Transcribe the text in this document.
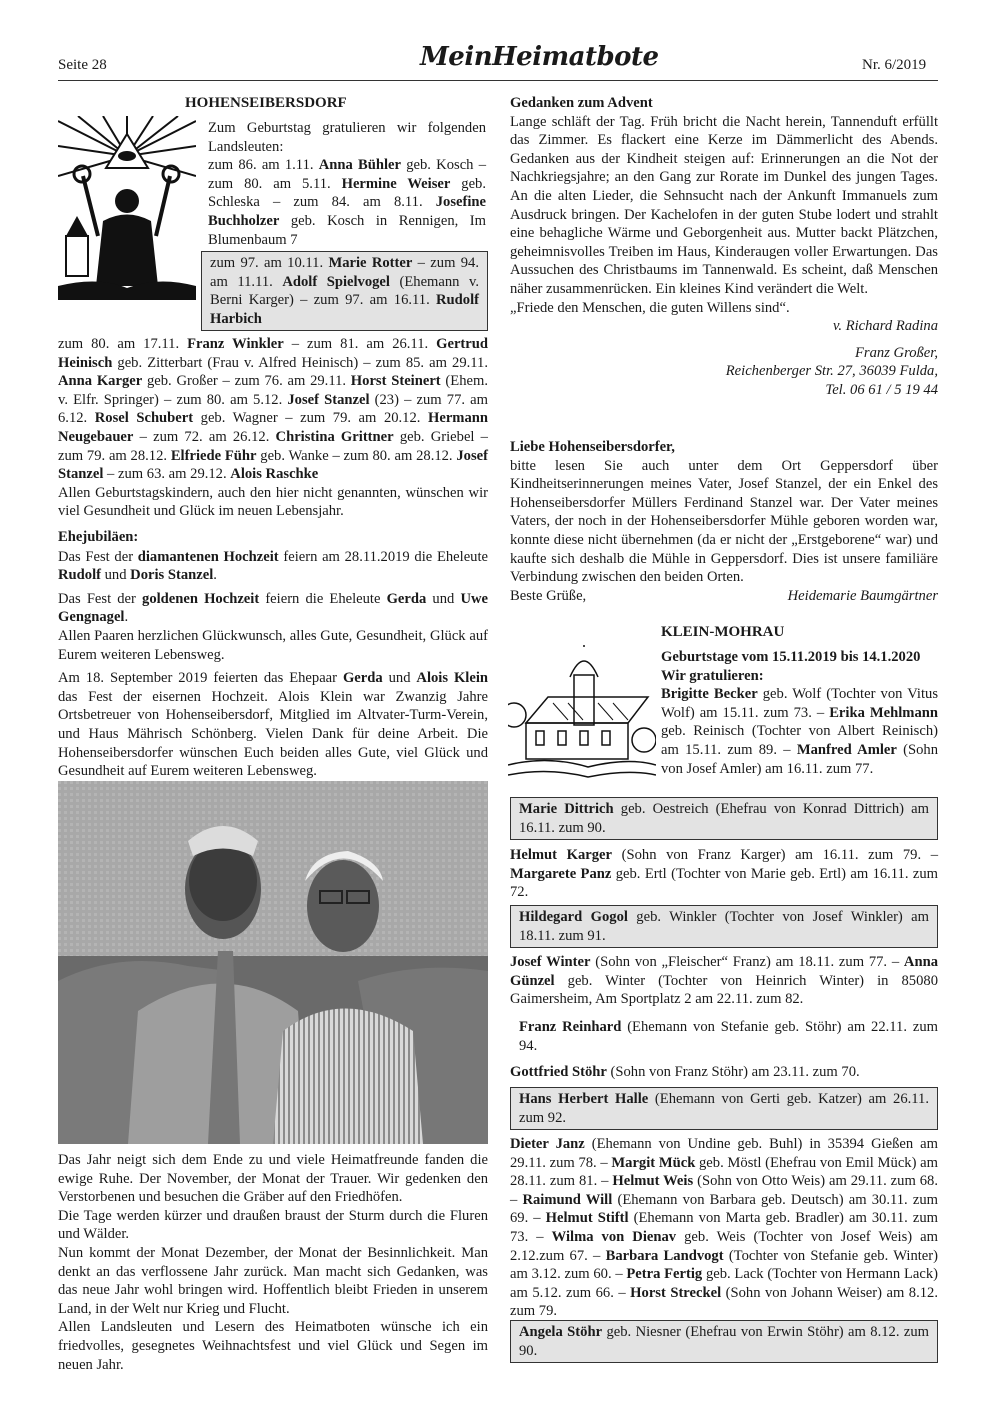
Seite 28	MeinHeimatbote	Nr. 6/2019
HOHENSEIBERSDORF

Zum Geburtstag gratulieren wir folgenden Landsleuten:

zum 86. am 1.11. Anna Bühler geb. Kosch – zum 80. am 5.11. Hermine Weiser geb. Schleska – zum 84. am 8.11. Josefine Buchholzer geb. Kosch in Rennigen, Im Blumenbaum 7

zum 97. am 10.11. Marie Rotter – zum 94. am 11.11. Adolf Spielvogel (Ehemann v. Berni Karger) – zum 97. am 16.11. Rudolf Harbich

zum 80. am 17.11. Franz Winkler – zum 81. am 26.11. Gertrud Heinisch geb. Zitterbart (Frau v. Alfred Heinisch) – zum 85. am 29.11. Anna Karger geb. Großer – zum 76. am 29.11. Horst Steinert (Ehem. v. Elfr. Springer) – zum 80. am 5.12. Josef Stanzel (23) – zum 77. am 6.12. Rosel Schubert geb. Wagner – zum 79. am 20.12. Hermann Neugebauer – zum 72. am 26.12. Christina Grittner geb. Griebel – zum 79. am 28.12. Elfriede Führ geb. Wanke – zum 80. am 28.12. Josef Stanzel – zum 63. am 29.12. Alois Raschke

Allen Geburtstagskindern, auch den hier nicht genannten, wünschen wir viel Gesundheit und Glück im neuen Lebensjahr.

Ehejubiläen:

Das Fest der diamantenen Hochzeit feiern am 28.11.2019 die Eheleute Rudolf und Doris Stanzel.

Das Fest der goldenen Hochzeit feiern die Eheleute Gerda und Uwe Gengnagel.

Allen Paaren herzlichen Glückwunsch, alles Gute, Gesundheit, Glück auf Eurem weiteren Lebensweg.

Am 18. September 2019 feierten das Ehepaar Gerda und Alois Klein das Fest der eisernen Hochzeit. Alois Klein war Zwanzig Jahre Ortsbetreuer von Hohenseibersdorf, Mitglied im Altvater-Turm-Verein, und Haus Mährisch Schönberg. Vielen Dank für deine Arbeit. Die Hohenseibersdorfer wünschen Euch beiden alles Gute, viel Glück und Gesundheit auf Eurem weiteren Lebensweg.

Das Jahr neigt sich dem Ende zu und viele Heimatfreunde fanden die ewige Ruhe. Der November, der Monat der Trauer. Wir gedenken den Verstorbenen und besuchen die Gräber auf den Friedhöfen.

Die Tage werden kürzer und draußen braust der Sturm durch die Fluren und Wälder.

Nun kommt der Monat Dezember, der Monat der Besinnlichkeit. Man denkt an das verflossene Jahr zurück. Man macht sich Gedanken, was das neue Jahr wohl bringen wird. Hoffentlich bleibt Frieden in unserem Land, in der Welt nur Krieg und Flucht.

Allen Landsleuten und Lesern des Heimatboten wünsche ich ein friedvolles, gesegnetes Weihnachtsfest und viel Glück und Segen im neuen Jahr.

Gedanken zum Advent

Lange schläft der Tag. Früh bricht die Nacht herein, Tannenduft erfüllt das Zimmer. Es flackert eine Kerze im Dämmerlicht des Abends. Gedanken aus der Kindheit steigen auf: Erinnerungen an die Not der Nachkriegsjahre; an den Gang zur Rorate im Dunkel des jungen Tages. An die alten Lieder, die Sehnsucht nach der Ankunft Immanuels zum Ausdruck bringen. Der Kachelofen in der guten Stube lodert und strahlt eine behagliche Wärme und Geborgenheit aus. Mutter backt Plätzchen, geheimnisvolles Treiben im Haus, Kinderaugen voller Erwartungen. Das Aussuchen des Christbaums im Tannenwald. Es scheint, daß Menschen näher zusammenrücken. Ein kleines Kind verändert die Welt.

„Friede den Menschen, die guten Willens sind“.

v. Richard Radina

Franz Großer,

Reichenberger Str. 27, 36039 Fulda,

Tel. 06 61 / 5 19 44

Liebe Hohenseibersdorfer,

bitte lesen Sie auch unter dem Ort Geppersdorf über Kindheitserinnerungen meines Vater, Josef Stanzel, der ein Enkel des Hohenseibersdorfer Müllers Ferdinand Stanzel war. Der Vater meines Vaters, der noch in der Hohenseibersdorfer Mühle geboren worden war, konnte diese nicht übernehmen (da er nicht der „Erstgeborene“ war) und kaufte sich deshalb die Mühle in Geppersdorf. Dies ist unsere familiäre Verbindung zwischen den beiden Orten.

Beste Grüße,	Heidemarie Baumgärtner

KLEIN-MOHRAU

Geburtstage vom 15.11.2019 bis 14.1.2020

Wir gratulieren:

Brigitte Becker geb. Wolf (Tochter von Vitus Wolf) am 15.11. zum 73. – Erika Mehlmann geb. Reinisch (Tochter von Albert Reinisch) am 15.11. zum 89. – Manfred Amler (Sohn von Josef Amler) am 16.11. zum 77.

Marie Dittrich geb. Oestreich (Ehefrau von Konrad Dittrich) am 16.11. zum 90.
Helmut Karger (Sohn von Franz Karger) am 16.11. zum 79. – Margarete Panz geb. Ertl (Tochter von Marie geb. Ertl) am 16.11. zum 72.
Hildegard Gogol geb. Winkler (Tochter von Josef Winkler) am 18.11. zum 91.
Josef Winter (Sohn von „Fleischer“ Franz) am 18.11. zum 77. – Anna Günzel geb. Winter (Tochter von Heinrich Winter) in 85080 Gaimersheim, Am Sportplatz 2 am 22.11. zum 82.
Franz Reinhard (Ehemann von Stefanie geb. Stöhr) am 22.11. zum 94.
Gottfried Stöhr (Sohn von Franz Stöhr) am 23.11. zum 70.
Hans Herbert Halle (Ehemann von Gerti geb. Katzer) am 26.11. zum 92.
Dieter Janz (Ehemann von Undine geb. Buhl) in 35394 Gießen am 29.11. zum 78. – Margit Mück geb. Möstl (Ehefrau von Emil Mück) am 28.11. zum 81. – Helmut Weis (Sohn von Otto Weis) am 29.11. zum 68. – Raimund Will (Ehemann von Barbara geb. Deutsch) am 30.11. zum 69. – Helmut Stiftl (Ehemann von Marta geb. Bradler) am 30.11. zum 73. – Wilma von Dienav geb. Weis (Tochter von Josef Weis) am 2.12.zum 67. – Barbara Landvogt (Tochter von Stefanie geb. Winter) am 3.12. zum 60. – Petra Fertig geb. Lack (Tochter von Hermann Lack) am 5.12. zum 66. – Horst Streckel (Sohn von Johann Weiser) am 8.12. zum 79.
Angela Stöhr geb. Niesner (Ehefrau von Erwin Stöhr) am 8.12. zum 90.
